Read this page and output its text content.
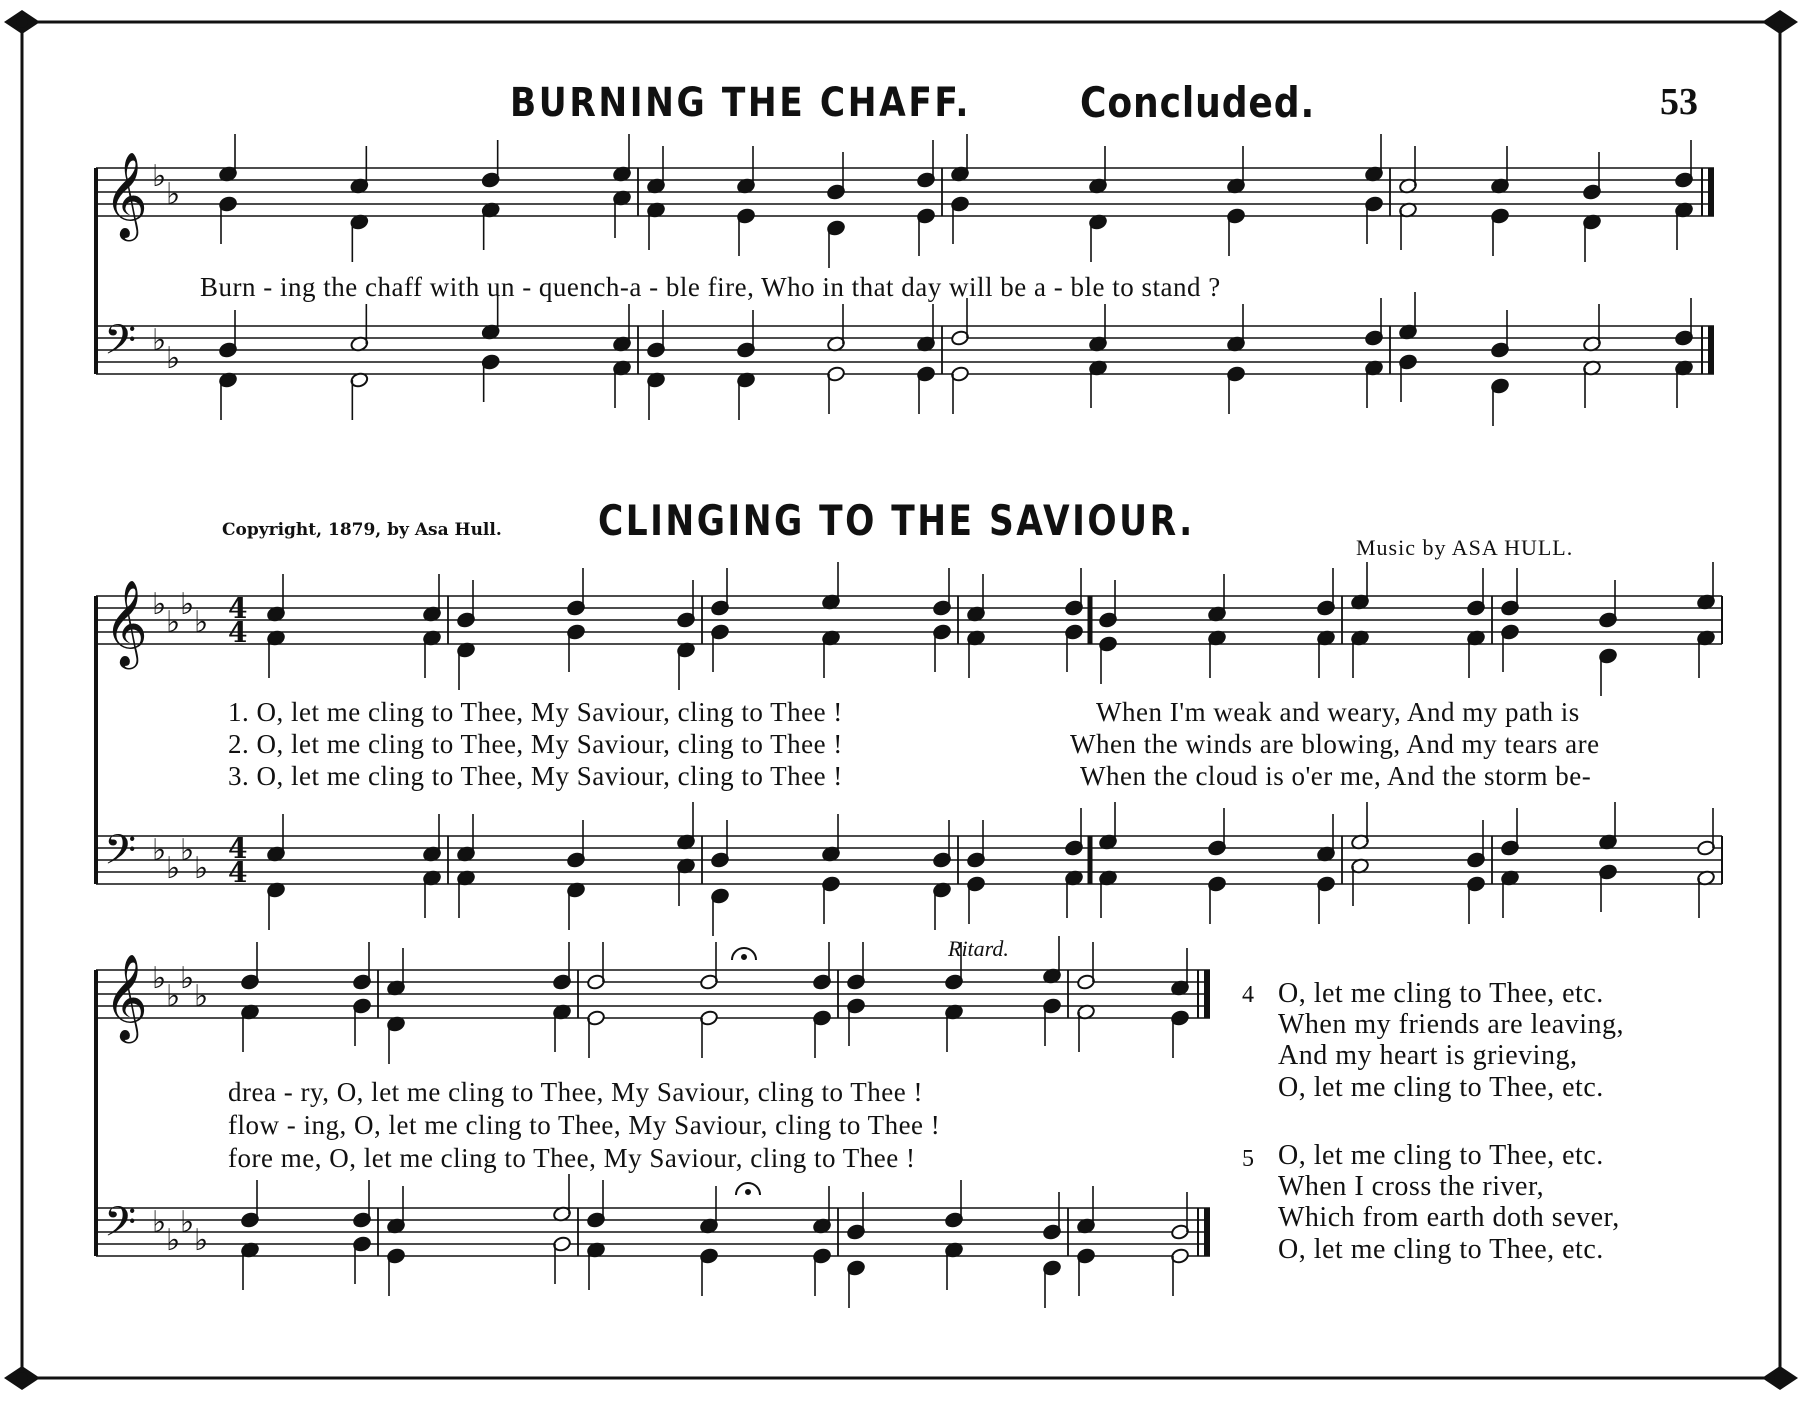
𝄞 ♭
♭
𝄢 ♭
♭
𝄞 ♭
♭
♭
♭ 4
4
𝄢 ♭
♭
♭
♭
4
4
𝄞 ♭
♭
♭
♭
𝄢 ♭
♭
♭
♭
BURNING THE CHAFF.	Concluded.	53
Burn - ing the chaff with un - quench-a - ble fire, Who in that day will be a - ble to stand ?
Copyright, 1879, by Asa Hull. CLINGING TO THE SAVIOUR.
Music by ASA HULL.
1. O, let me cling to Thee, My Saviour, cling to Thee !
2. O, let me cling to Thee, My Saviour, cling to Thee !
3. O, let me cling to Thee, My Saviour, cling to Thee !
When I'm weak and weary, And my path is
When the winds are blowing, And my tears are
When the cloud is o'er me, And the storm be-
Ritard.
drea - ry, O, let me cling to Thee, My Saviour, cling to Thee !
flow - ing, O, let me cling to Thee, My Saviour, cling to Thee !
fore me, O, let me cling to Thee, My Saviour, cling to Thee !
4 O, let me cling to Thee, etc.
When my friends are leaving,
And my heart is grieving,
O, let me cling to Thee, etc.
5 O, let me cling to Thee, etc.
When I cross the river,
Which from earth doth sever,
O, let me cling to Thee, etc.
